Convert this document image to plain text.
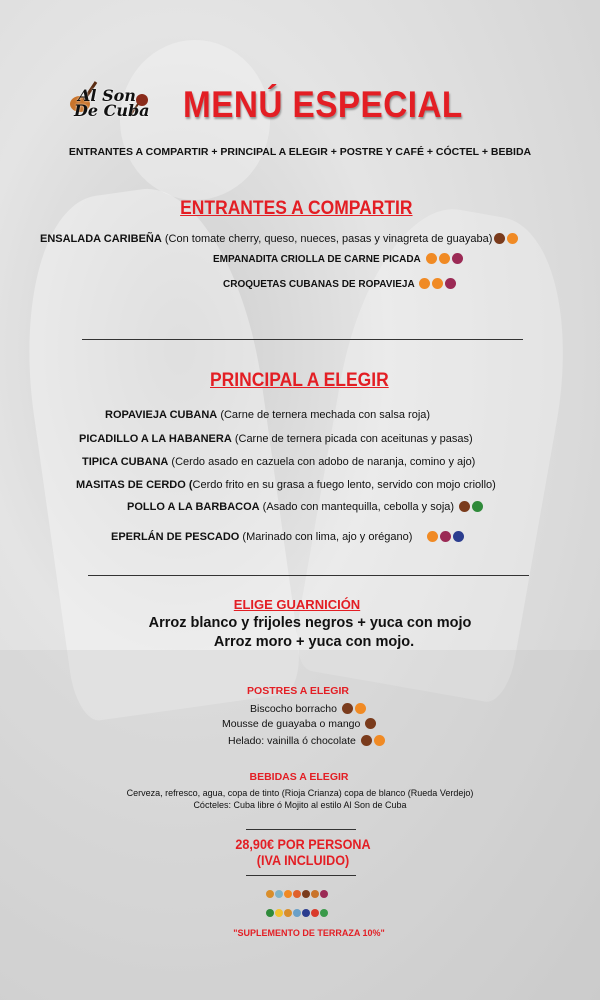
Al Son
De Cuba MENÚ ESPECIAL
ENTRANTES A COMPARTIR + PRINCIPAL A ELEGIR + POSTRE Y CAFÉ + CÓCTEL + BEBIDA
ENTRANTES A COMPARTIR
ENSALADA CARIBEÑA (Con tomate cherry, queso, nueces, pasas y vinagreta de guayaba)
EMPANADITA CRIOLLA DE CARNE PICADA
CROQUETAS CUBANAS DE ROPAVIEJA
PRINCIPAL A ELEGIR
ROPAVIEJA CUBANA (Carne de ternera mechada con salsa roja)
PICADILLO A LA HABANERA (Carne de ternera picada con aceitunas y pasas)
TIPICA CUBANA (Cerdo asado en cazuela con adobo de naranja, comino y ajo)
MASITAS DE CERDO (Cerdo frito en su grasa a fuego lento, servido con mojo criollo)
POLLO A LA BARBACOA (Asado con mantequilla, cebolla y soja)
EPERLÁN DE PESCADO (Marinado con lima, ajo y orégano)
ELIGE GUARNICIÓN
Arroz blanco y frijoles negros + yuca con mojo
Arroz moro + yuca con mojo.
POSTRES A ELEGIR
Biscocho borracho
Mousse de guayaba o mango
Helado: vainilla ó chocolate
BEBIDAS A ELEGIR
Cerveza, refresco, agua, copa de tinto (Rioja Crianza) copa de blanco (Rueda Verdejo)
Cócteles: Cuba libre ó Mojito al estilo Al Son de Cuba
28,90€ POR PERSONA
(IVA INCLUIDO)
"SUPLEMENTO DE TERRAZA 10%"
